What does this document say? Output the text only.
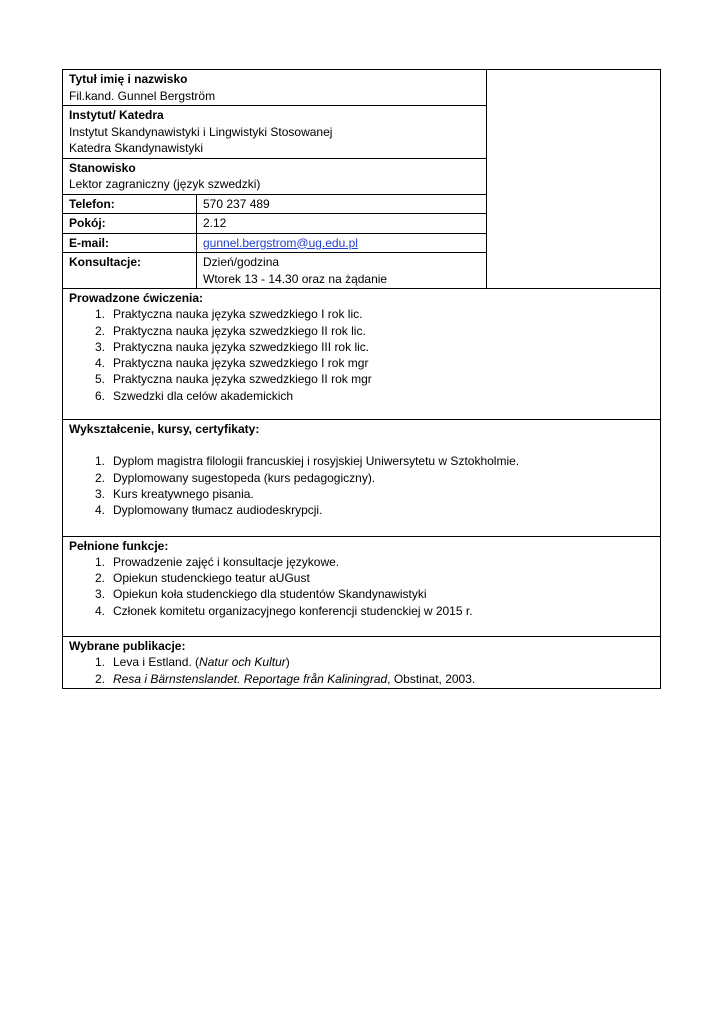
Tytuł imię i nazwisko
Fil.kand. Gunnel Bergström
Instytut/ Katedra
Instytut Skandynawistyki i Lingwistyki Stosowanej
Katedra Skandynawistyki
Stanowisko
Lektor zagraniczny (język szwedzki)
Telefon:	570 237 489
Pokój:	2.12
E-mail:	gunnel.bergstrom@ug.edu.pl
Konsultacje:	Dzień/godzina
Wtorek 13 - 14.30 oraz na żądanie
Prowadzone ćwiczenia:
1. Praktyczna nauka języka szwedzkiego I rok lic.
2. Praktyczna nauka języka szwedzkiego II rok lic.
3. Praktyczna nauka języka szwedzkiego III rok lic.
4. Praktyczna nauka języka szwedzkiego I rok mgr
5. Praktyczna nauka języka szwedzkiego II rok mgr
6. Szwedzki dla celów akademickich
Wykształcenie, kursy, certyfikaty:
1. Dyplom magistra filologii francuskiej i rosyjskiej Uniwersytetu w Sztokholmie.
2. Dyplomowany sugestopeda (kurs pedagogiczny).
3. Kurs kreatywnego pisania.
4. Dyplomowany tłumacz audiodeskrypcji.
Pełnione funkcje:
1. Prowadzenie zajęć i konsultacje językowe.
2. Opiekun studenckiego teatur aUGust
3. Opiekun koła studenckiego dla studentów Skandynawistyki
4. Członek komitetu organizacyjnego konferencji studenckiej w 2015 r.
Wybrane publikacje:
1. Leva i Estland. (Natur och Kultur)
2. Resa i Bärnstenslandet. Reportage från Kaliningrad, Obstinat, 2003.
